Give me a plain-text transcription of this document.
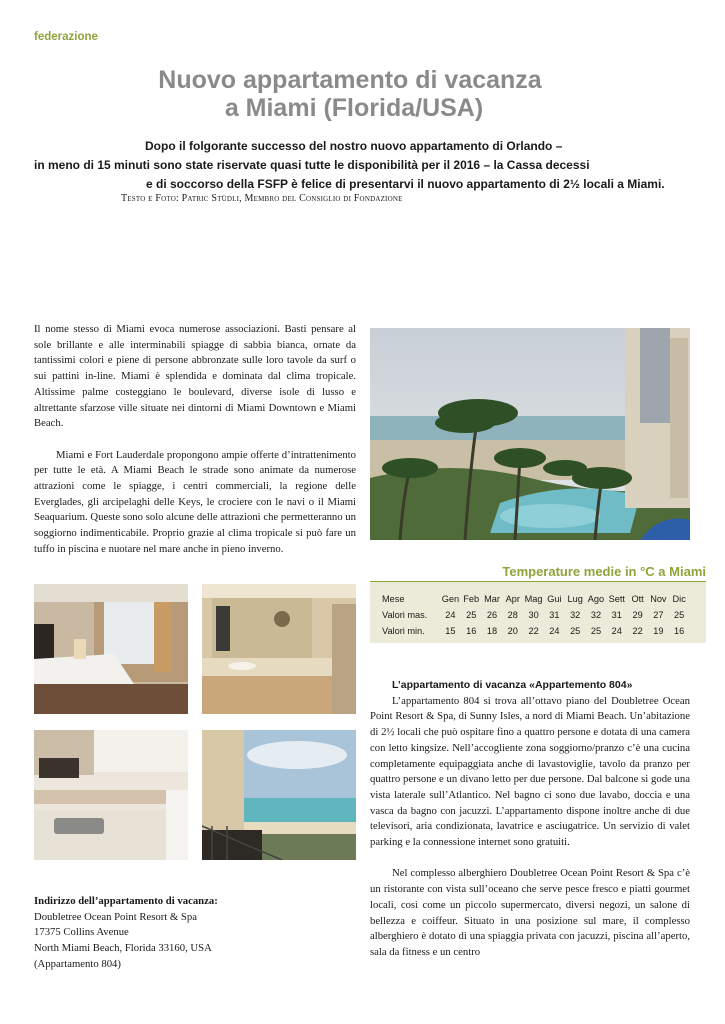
federazione
Nuovo appartamento di vacanza
a Miami (Florida/USA)
Dopo il folgorante successo del nostro nuovo appartamento di Orlando –
in meno di 15 minuti sono state riservate quasi tutte le disponibilità per il 2016 – la Cassa decessi
e di soccorso della FSFP è felice di presentarvi il nuovo appartamento di 2½ locali a Miami.
Testo e Foto: Patric Stüdli, Membro del Consiglio di Fondazione

Il nome stesso di Miami evoca numerose associazioni. Basti pensare al sole brillante e alle interminabili spiagge di sabbia bianca, ornate da tantissimi colori e piene di persone abbronzate sulle loro tavole da surf o sui pattini in-line. Miami è splendida e dominata dal clima tropicale. Altissime palme costeggiano le boulevard, diverse isole di lusso e altrettante sfarzose ville situate nei dintorni di Miami Downtown e Miami Beach.

Miami e Fort Lauderdale propongono ampie offerte d’intrattenimento per tutte le età. A Miami Beach le strade sono animate da numerose attrazioni come le spiagge, i centri commerciali, la regione delle Everglades, gli arcipelaghi delle Keys, le crociere con le navi o il Miami Seaquarium. Queste sono solo alcune delle attrazioni che permetteranno un soggiorno indimenticabile. Proprio grazie al clima tropicale si può fare un tuffo in piscina e nuotare nel mare anche in pieno inverno.

Temperature medie in °C a Miami
Mese	Gen	Feb	Mar	Apr	Mag	Gui	Lug	Ago	Sett	Ott	Nov	Dic
Valori mas.	24	25	26	28	30	31	32	32	31	29	27	25
Valori min.	15	16	18	20	22	24	25	25	24	22	19	16
L’appartamento di vacanza «Appartemento 804»

L’appartamento 804 si trova all’ottavo piano del Doubletree Ocean Point Resort & Spa, di Sunny Isles, a nord di Miami Beach. Un’abitazione di 2½ locali che può ospitare fino a quattro persone e dotata di una camera con letto kingsize. Nell’accogliente zona soggiorno/pranzo c’è una cucina completamente equipaggiata anche di lavastoviglie, tavolo da pranzo per quattro persone e un divano letto per due persone. Dal balcone si gode una vista laterale sull’Atlantico. Nel bagno ci sono due lavabo, doccia e una vasca da bagno con jacuzzi. L’appartamento dispone inoltre anche di due televisori, aria condizionata, lavatrice e asciugatrice. Un servizio di valet parking e la connessione internet sono gratuiti.

Nel complesso alberghiero Doubletree Ocean Point Resort & Spa c’è un ristorante con vista sull’oceano che serve pesce fresco e piatti gourmet locali, così come un piccolo supermercato, diversi negozi, un salone di bellezza e coiffeur. Situato in una posizione sul mare, il complesso alberghiero è dotato di una spiaggia privata con jacuzzi, piscina all’aperto, sala da fitness e un centro

Indirizzo dell’appartamento di vacanza:
Doubletree Ocean Point Resort & Spa
17375 Collins Avenue
North Miami Beach, Florida 33160, USA
(Appartamento 804)
